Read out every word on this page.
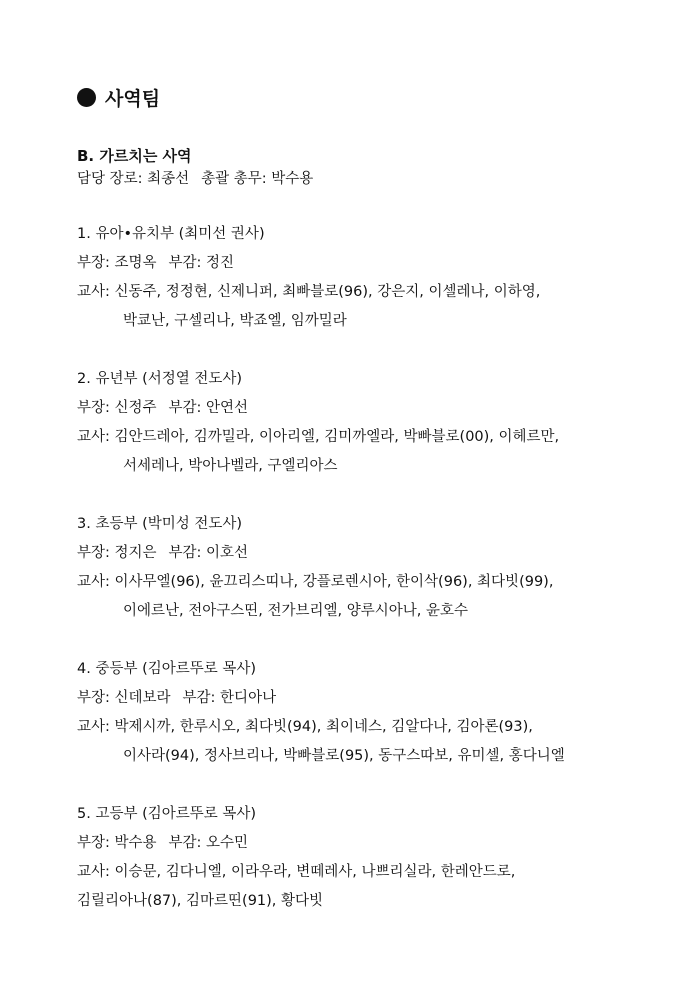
사역팀
B. 가르치는 사역
담당 장로: 최종선 총괄 총무: 박수용
1. 유아•유치부 (최미선 권사)
부장: 조명옥 부감: 정진
교사: 신동주, 정정현, 신제니퍼, 최빠블로(96), 강은지, 이셀레나, 이하영,
박쿄난, 구셀리나, 박죠엘, 임까밀라
2. 유년부 (서정열 전도사)
부장: 신정주 부감: 안연선
교사: 김안드레아, 김까밀라, 이아리엘, 김미까엘라, 박빠블로(00), 이헤르만,
서세레나, 박아나벨라, 구엘리아스
3. 초등부 (박미성 전도사)
부장: 정지은 부감: 이호선
교사: 이사무엘(96), 윤끄리스띠나, 강플로렌시아, 한이삭(96), 최다빗(99),
이에르난, 전아구스띤, 전가브리엘, 양루시아나, 윤호수
4. 중등부 (김아르뚜로 목사)
부장: 신데보라 부감: 한디아나
교사: 박제시까, 한루시오, 최다빗(94), 최이네스, 김알다나, 김아론(93),
이사라(94), 정사브리나, 박빠블로(95), 동구스따보, 유미셀, 홍다니엘
5. 고등부 (김아르뚜로 목사)
부장: 박수용 부감: 오수민
교사: 이승문, 김다니엘, 이라우라, 변떼레사, 나쁘리실라, 한레안드로,
김릴리아나(87), 김마르띤(91), 황다빗
